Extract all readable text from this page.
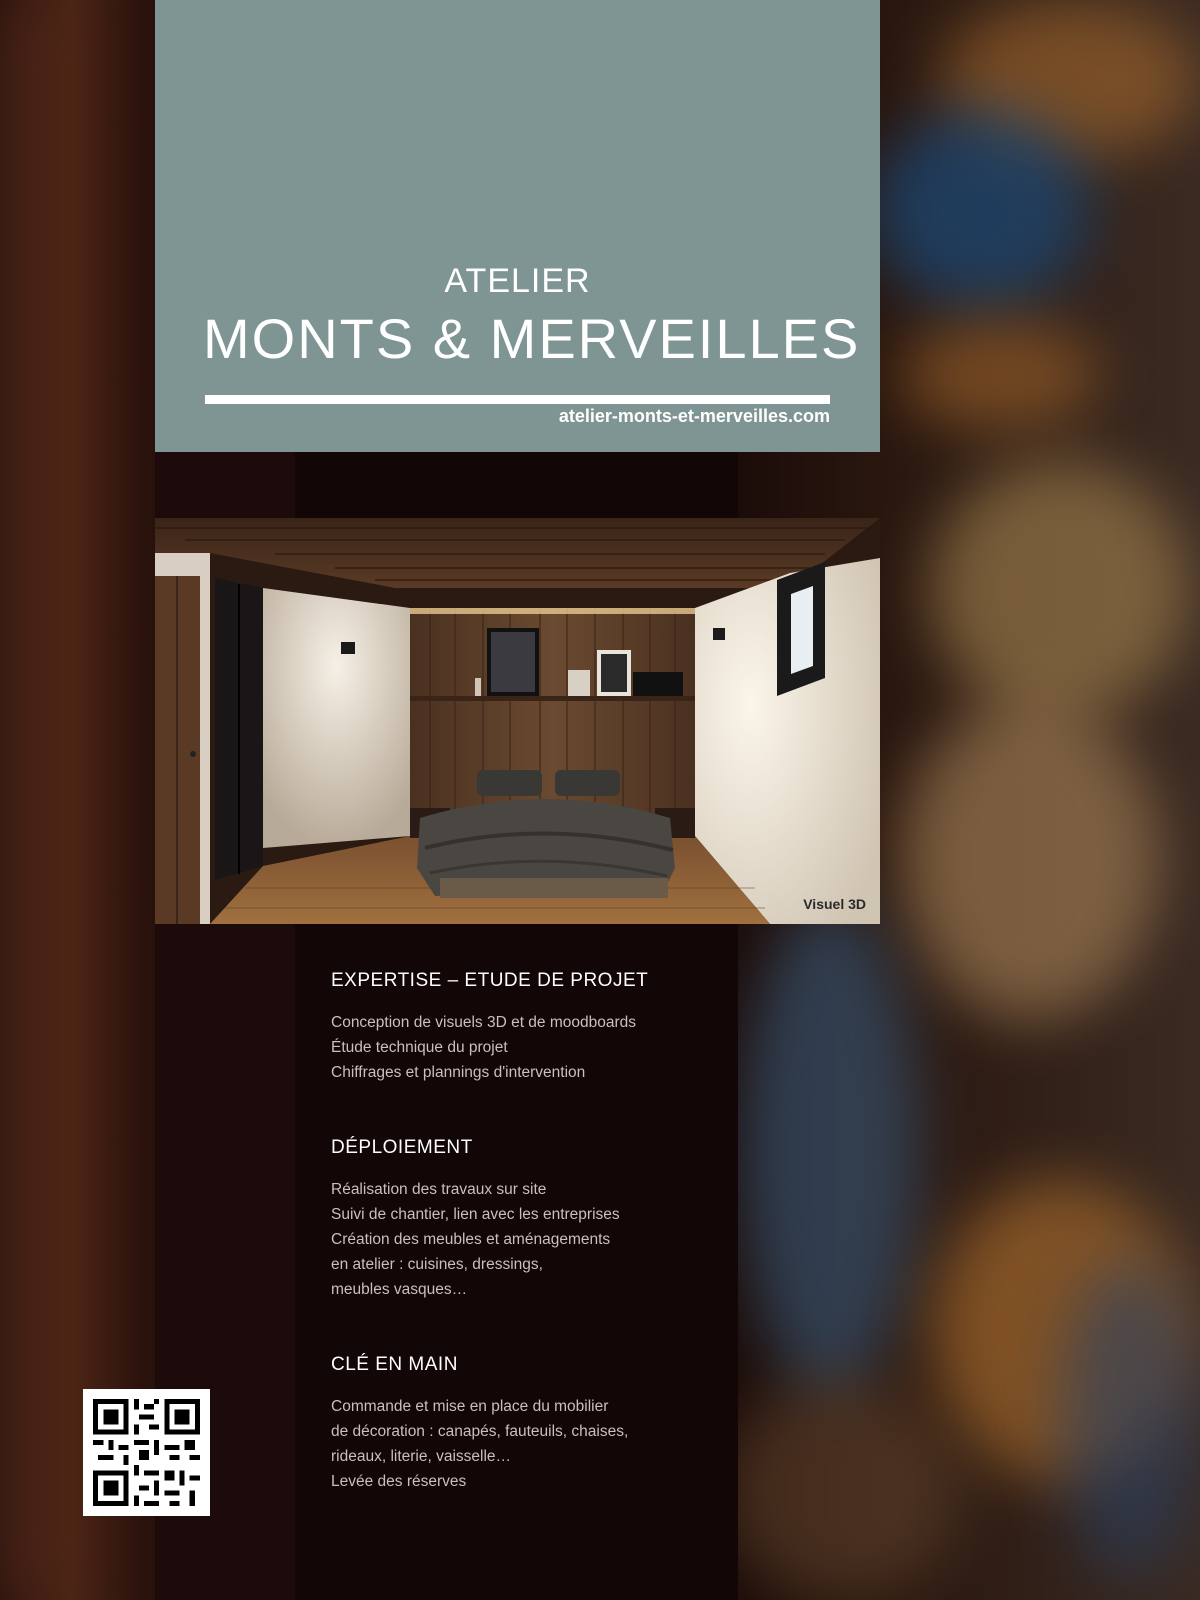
ATELIER
MONTS & MERVEILLES
atelier-monts-et-merveilles.com
Visuel 3D
EXPERTISE – ETUDE DE PROJET
Conception de visuels 3D et de moodboards
Étude technique du projet
Chiffrages et plannings d'intervention
DÉPLOIEMENT
Réalisation des travaux sur site
Suivi de chantier, lien avec les entreprises
Création des meubles et aménagements
en atelier : cuisines, dressings,
meubles vasques…
CLÉ EN MAIN
Commande et mise en place du mobilier
de décoration : canapés, fauteuils, chaises,
rideaux, literie, vaisselle…
Levée des réserves
